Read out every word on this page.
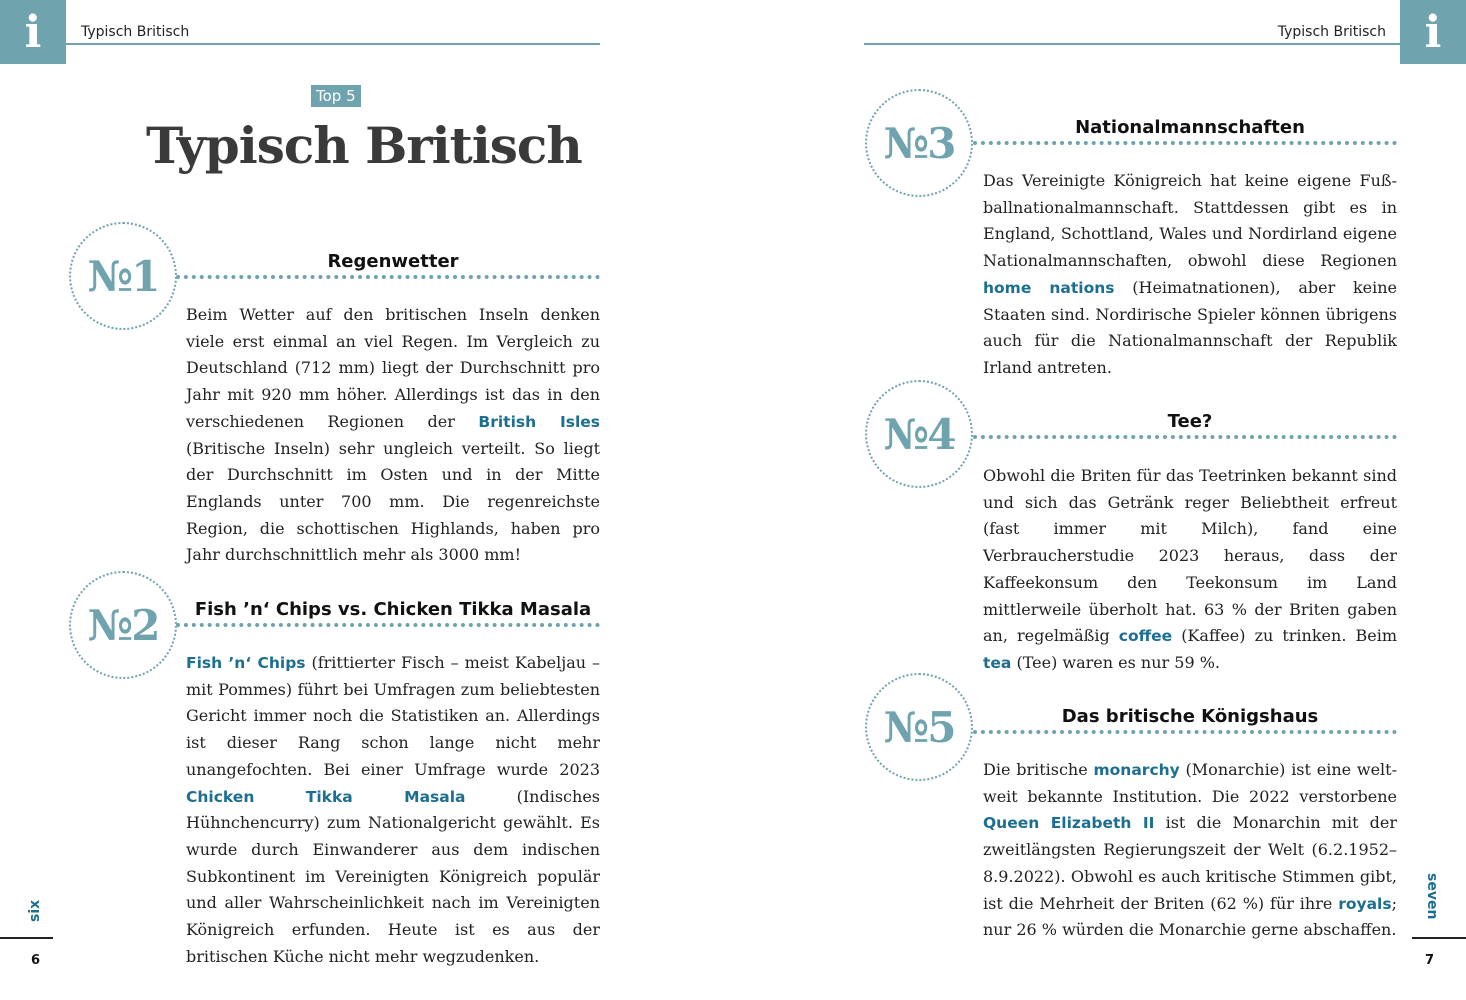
i	Typisch Britisch	i
Typisch Britisch
Top 5
Typisch Britisch
№1	Regenwetter
Beim Wetter auf den britischen Inseln denken viele erst einmal an viel Regen. Im Vergleich zu Deutschland (712 mm) liegt der Durchschnitt pro Jahr mit 920 mm höher. Allerdings ist das in den verschiedenen Regionen der British Isles (Britische Inseln) sehr ungleich verteilt. So liegt der Durchschnitt im Osten und in der Mitte Englands unter 700 mm. Die regenreichste Region, die schottischen Highlands, haben pro Jahr durchschnittlich mehr als 3000 mm!
№2	Fish ’n‘ Chips vs. Chicken Tikka Masala
Fish ’n‘ Chips (frittierter Fisch – meist Kabeljau – mit Pommes) führt bei Umfragen zum beliebtesten Gericht immer noch die Statistiken an. Allerdings ist dieser Rang schon lange nicht mehr unangefochten. Bei einer Umfrage wurde 2023 Chicken Tikka Masala (Indisches Hühnchencurry) zum Nationalgericht gewählt. Es wurde durch Einwanderer aus dem indischen Subkontinent im Vereinigten Königreich populär und aller Wahrscheinlichkeit nach im Vereinigten Königreich erfunden. Heute ist es aus der britischen Küche nicht mehr wegzudenken.
№3	Nationalmannschaften
Das Vereinigte Königreich hat keine eigene Fußballnationalmannschaft. Stattdessen gibt es in England, Schottland, Wales und Nordirland eigene Nationalmannschaften, obwohl diese Regionen home nations (Heimatnationen), aber keine Staaten sind. Nordirische Spieler können übrigens auch für die Nationalmannschaft der Republik Irland antreten.
№4	Tee?
Obwohl die Briten für das Teetrinken bekannt sind und sich das Getränk reger Beliebtheit erfreut (fast immer mit Milch), fand eine Verbraucherstudie 2023 heraus, dass der Kaffeekonsum den Teekonsum im Land mittlerweile überholt hat. 63 % der Briten gaben an, regelmäßig coffee (Kaffee) zu trinken. Beim tea (Tee) waren es nur 59 %.
№5	Das britische Königshaus
Die britische monarchy (Monarchie) ist eine weltweit bekannte Institution. Die 2022 verstorbene Queen Elizabeth II ist die Monarchin mit der zweitlängsten Regierungszeit der Welt (6.2.1952–8.9.2022). Obwohl es auch kritische Stimmen gibt, ist die Mehrheit der Briten (62 %) für ihre royals; nur 26 % würden die Monarchie gerne abschaffen.
six
6
seven
7
